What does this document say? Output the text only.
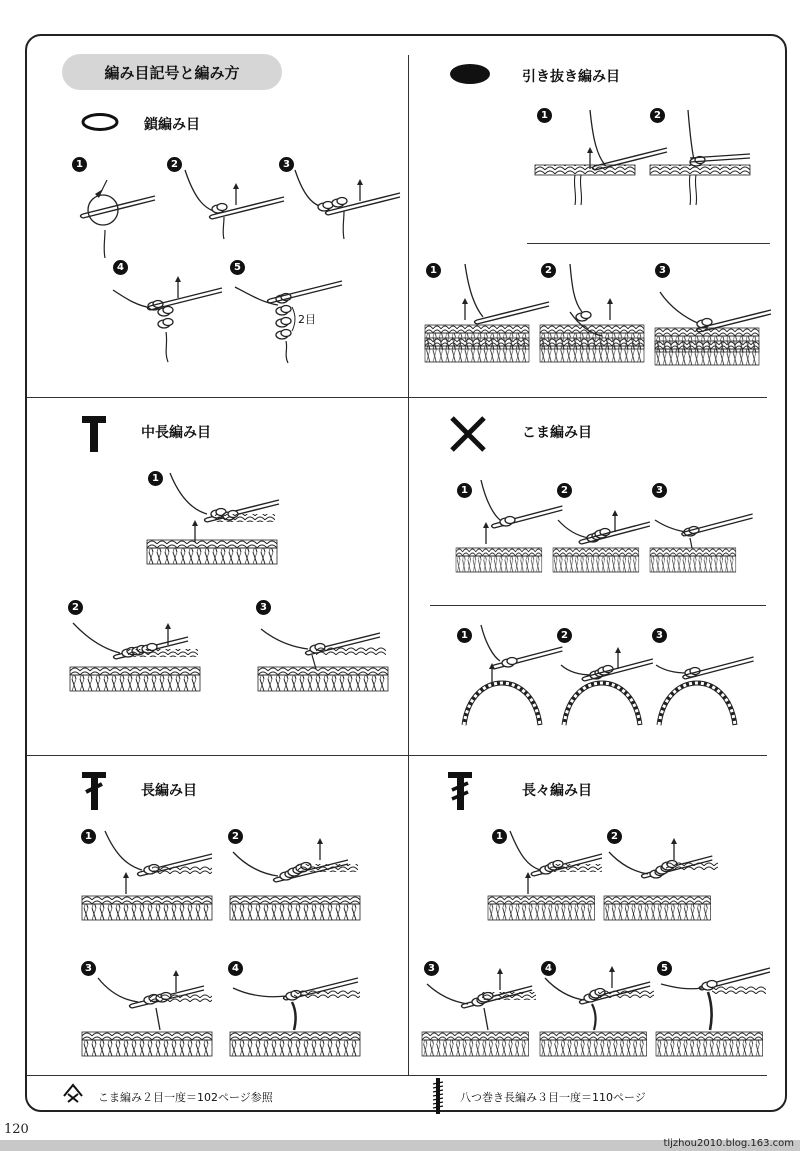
編み目記号と編み方
鎖編み目
1	2	3
4	5
2目
引き抜き編み目
1	2
1	2	3
中長編み目
1
2	3
こま編み目
1	2	3
1	2	3
長編み目
1	2
3	4
長々編み目
1	2
3	4	5
こま編み２目一度＝102ページ参照	八つ巻き長編み３目一度＝110ページ
120
tljzhou2010.blog.163.com
